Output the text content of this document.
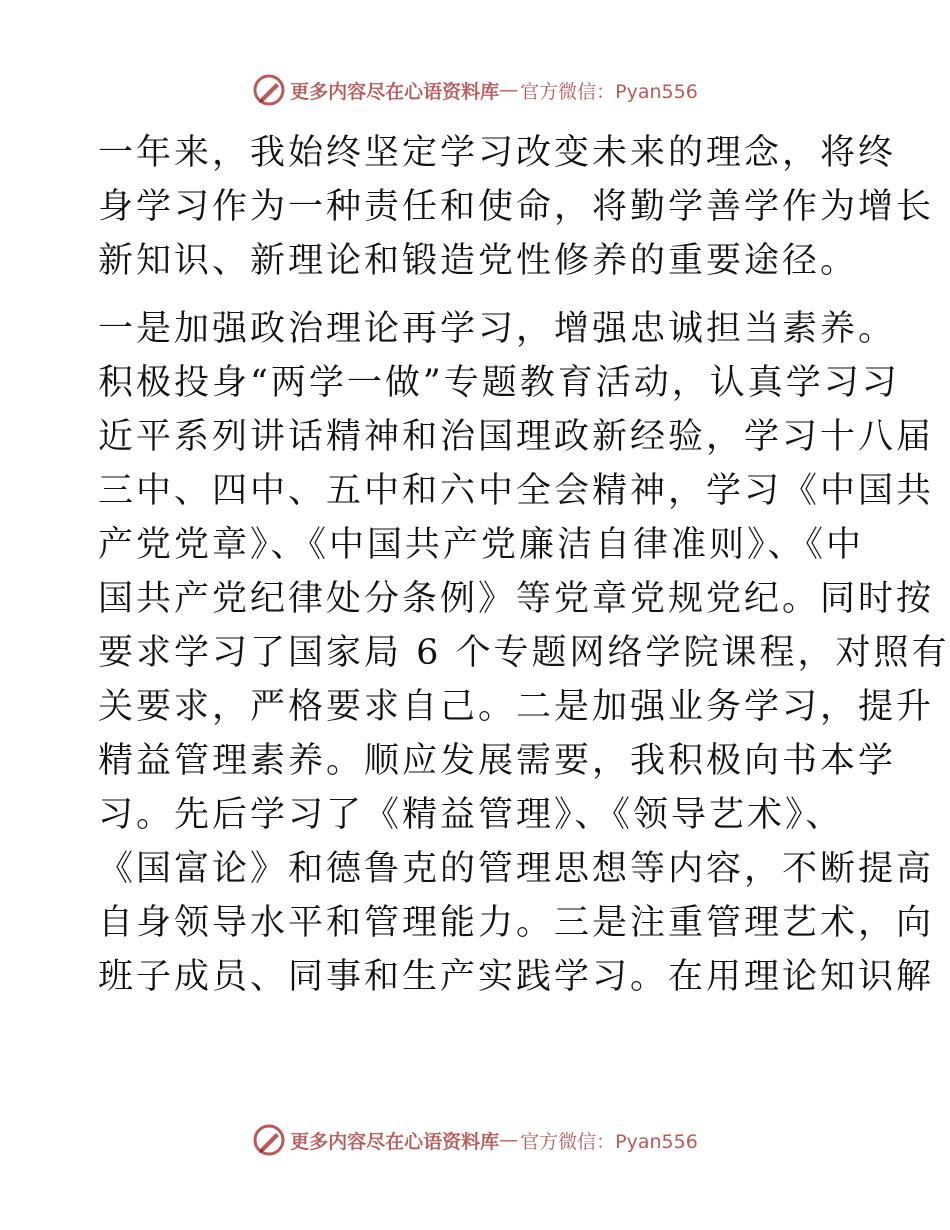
更多内容尽在心语资料库 — 官方微信：Pyan556
一年来，我始终坚定学习改变未来的理念，将终
身学习作为一种责任和使命，将勤学善学作为增长
新知识、新理论和锻造党性修养的重要途径。
一是加强政治理论再学习，增强忠诚担当素养。
积极投身“两学一做”专题教育活动，认真学习习
近平系列讲话精神和治国理政新经验，学习十八届
三中、四中、五中和六中全会精神，学习《中国共
产党党章》、《中国共产党廉洁自律准则》、《中
国共产党纪律处分条例》等党章党规党纪。同时按
要求学习了国家局 6 个专题网络学院课程，对照有
关要求，严格要求自己。二是加强业务学习，提升
精益管理素养。顺应发展需要，我积极向书本学
习。先后学习了《精益管理》、《领导艺术》、
《国富论》和德鲁克的管理思想等内容，不断提高
自身领导水平和管理能力。三是注重管理艺术，向
班子成员、同事和生产实践学习。在用理论知识解
更多内容尽在心语资料库 — 官方微信：Pyan556
